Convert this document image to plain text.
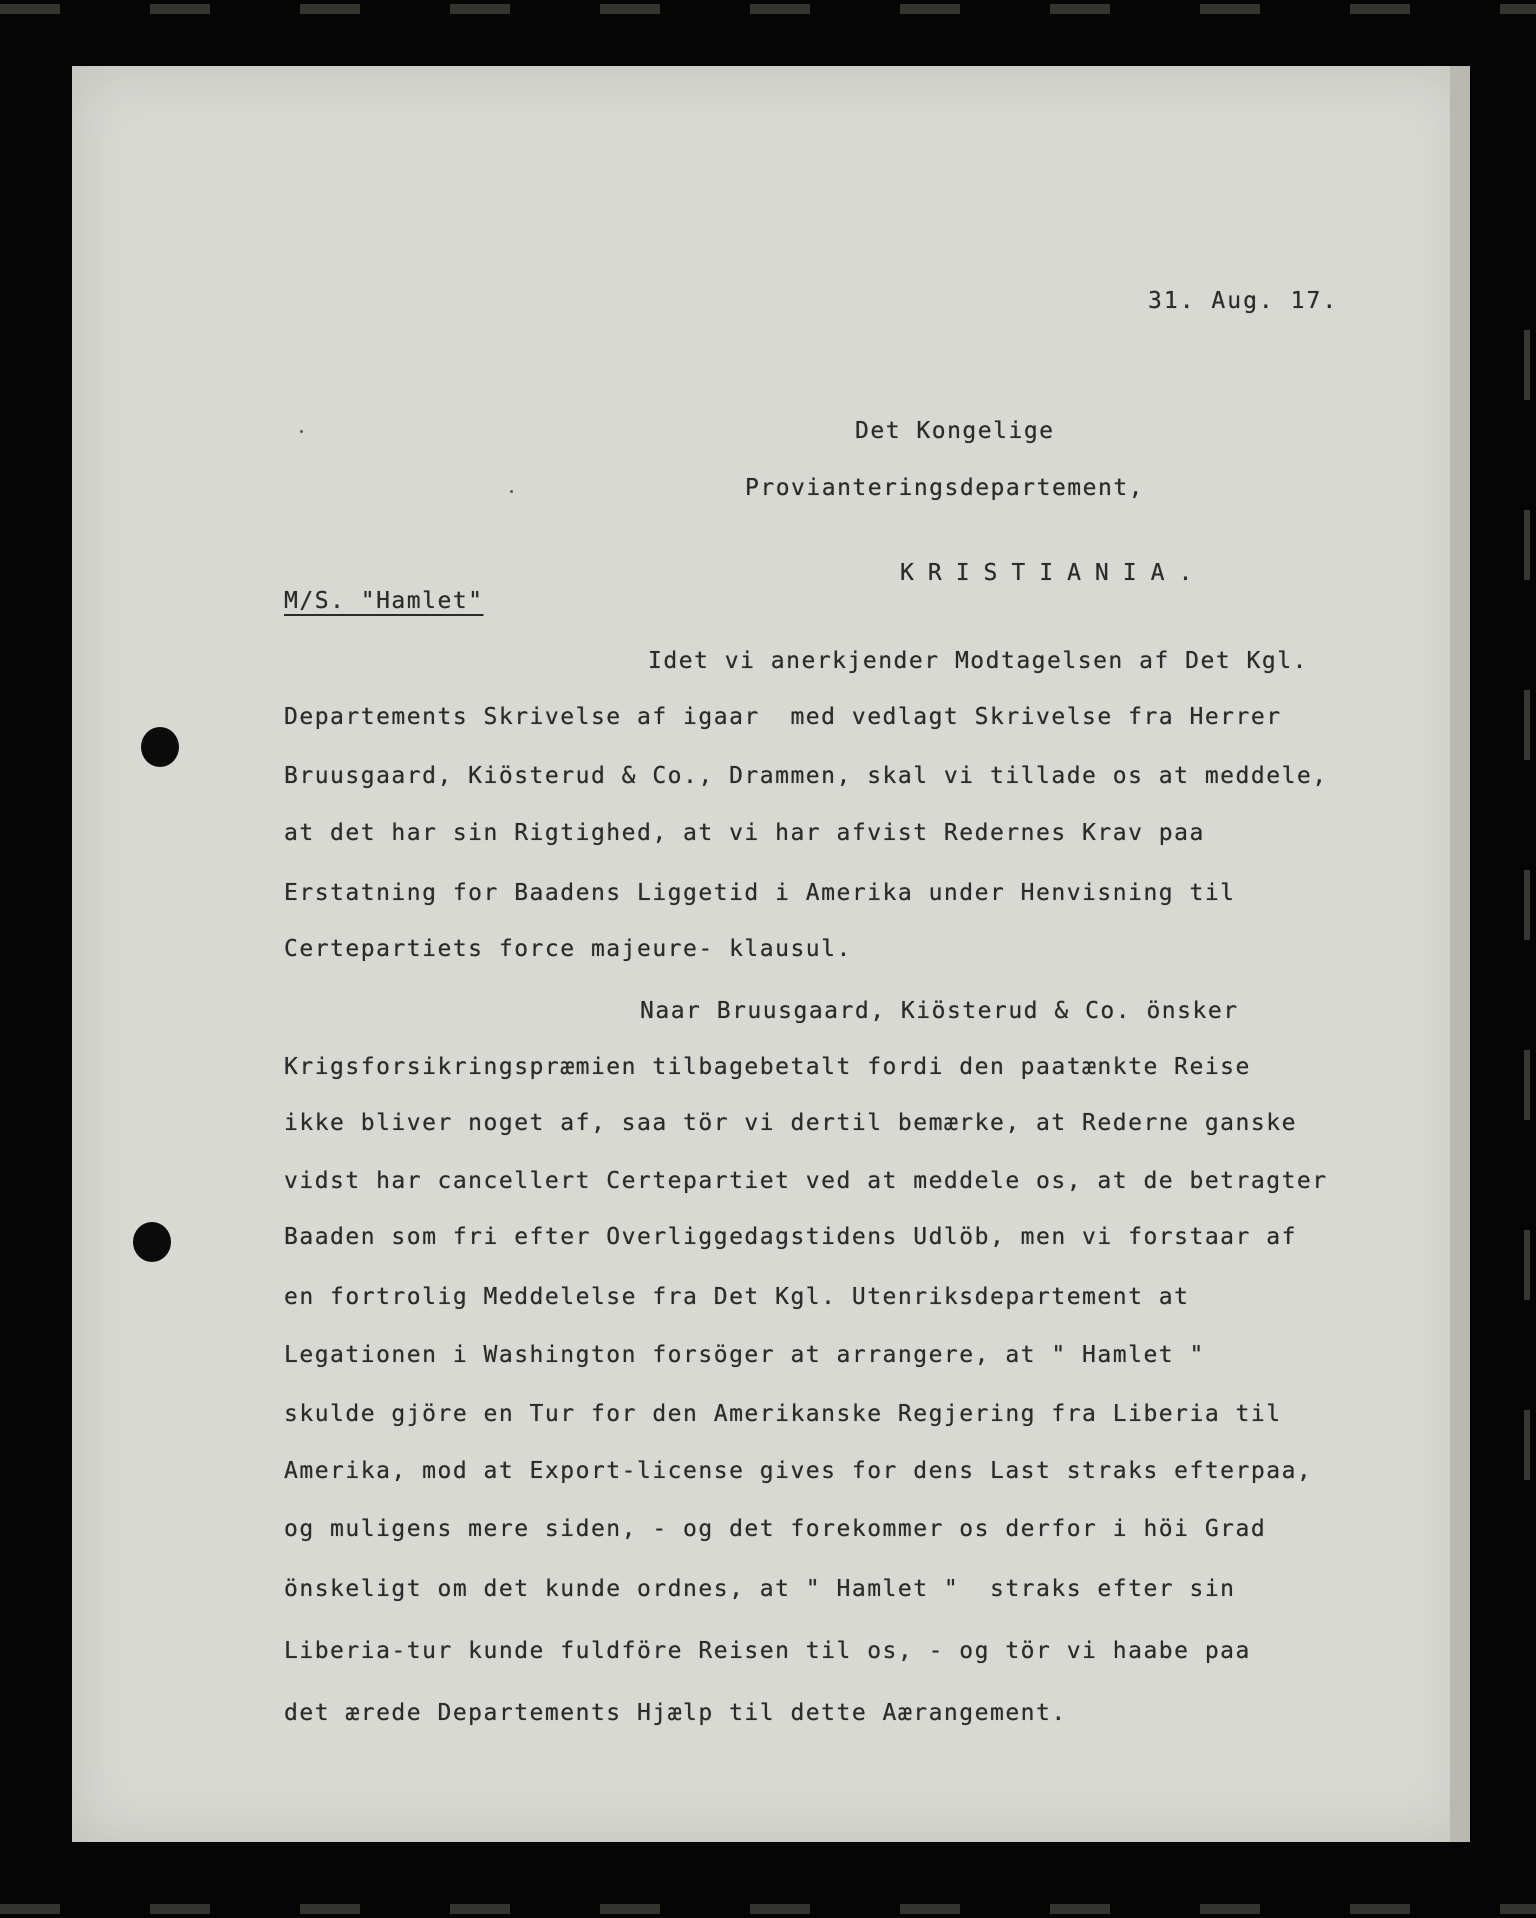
31. Aug. 17.
Det Kongelige
Provianteringsdepartement,
KRISTIANIA.
M/S. "Hamlet"
Idet vi anerkjender Modtagelsen af Det Kgl.
Departements Skrivelse af igaar  med vedlagt Skrivelse fra Herrer
Bruusgaard, Kiösterud & Co., Drammen, skal vi tillade os at meddele,
at det har sin Rigtighed, at vi har afvist Redernes Krav paa
Erstatning for Baadens Liggetid i Amerika under Henvisning til
Certepartiets force majeure- klausul.
Naar Bruusgaard, Kiösterud & Co. önsker
Krigsforsikringspræmien tilbagebetalt fordi den paatænkte Reise
ikke bliver noget af, saa tör vi dertil bemærke, at Rederne ganske
vidst har cancellert Certepartiet ved at meddele os, at de betragter
Baaden som fri efter Overliggedagstidens Udlöb, men vi forstaar af
en fortrolig Meddelelse fra Det Kgl. Utenriksdepartement at
Legationen i Washington forsöger at arrangere, at " Hamlet "
skulde gjöre en Tur for den Amerikanske Regjering fra Liberia til
Amerika, mod at Export-license gives for dens Last straks efterpaa,
og muligens mere siden, - og det forekommer os derfor i höi Grad
önskeligt om det kunde ordnes, at " Hamlet "  straks efter sin
Liberia-tur kunde fuldföre Reisen til os, - og tör vi haabe paa
det ærede Departements Hjælp til dette Aærangement.
